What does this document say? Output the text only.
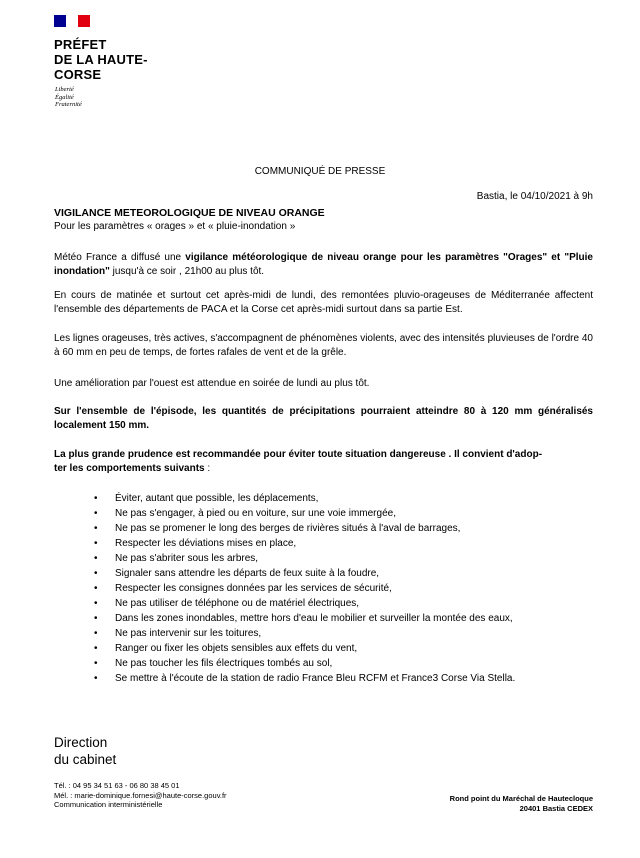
PRÉFET
DE LA HAUTE-
CORSE
Liberté
Égalité
Fraternité
COMMUNIQUÉ DE PRESSE
Bastia, le 04/10/2021 à 9h
VIGILANCE METEOROLOGIQUE DE NIVEAU ORANGE
Pour les paramètres « orages » et « pluie-inondation »
Météo France a diffusé une vigilance météorologique de niveau orange pour les paramètres "Orages" et "Pluie inondation" jusqu'à ce soir , 21h00 au plus tôt.
En cours de matinée et surtout cet après-midi de lundi, des remontées pluvio-orageuses de Méditerranée affectent l'ensemble des départements de PACA et la Corse cet après-midi surtout dans sa partie Est.
Les lignes orageuses, très actives, s'accompagnent de phénomènes violents, avec des intensités pluvieuses de l'ordre 40 à 60 mm en peu de temps, de fortes rafales de vent et de la grêle.
Une amélioration par l'ouest est attendue en soirée de lundi au plus tôt.
Sur l'ensemble de l'épisode, les quantités de précipitations pourraient atteindre 80 à 120 mm généralisés localement 150 mm.
La plus grande prudence est recommandée pour éviter toute situation dangereuse . Il convient d'adop-
ter les comportements suivants :
• Éviter, autant que possible, les déplacements,
• Ne pas s'engager, à pied ou en voiture, sur une voie immergée,
• Ne pas se promener le long des berges de rivières situés à l'aval de barrages,
• Respecter les déviations mises en place,
• Ne pas s'abriter sous les arbres,
• Signaler sans attendre les départs de feux suite à la foudre,
• Respecter les consignes données par les services de sécurité,
• Ne pas utiliser de téléphone ou de matériel électriques,
• Dans les zones inondables, mettre hors d'eau le mobilier et surveiller la montée des eaux,
• Ne pas intervenir sur les toitures,
• Ranger ou fixer les objets sensibles aux effets du vent,
• Ne pas toucher les fils électriques tombés au sol,
• Se mettre à l'écoute de la station de radio France Bleu RCFM et France3 Corse Via Stella.
Direction
du cabinet
Tél. : 04 95 34 51 63 - 06 80 38 45 01
Mél. : marie-dominique.fornesi@haute-corse.gouv.fr
Communication interministérielle
Rond point du Maréchal de Hautecloque
20401 Bastia CEDEX
